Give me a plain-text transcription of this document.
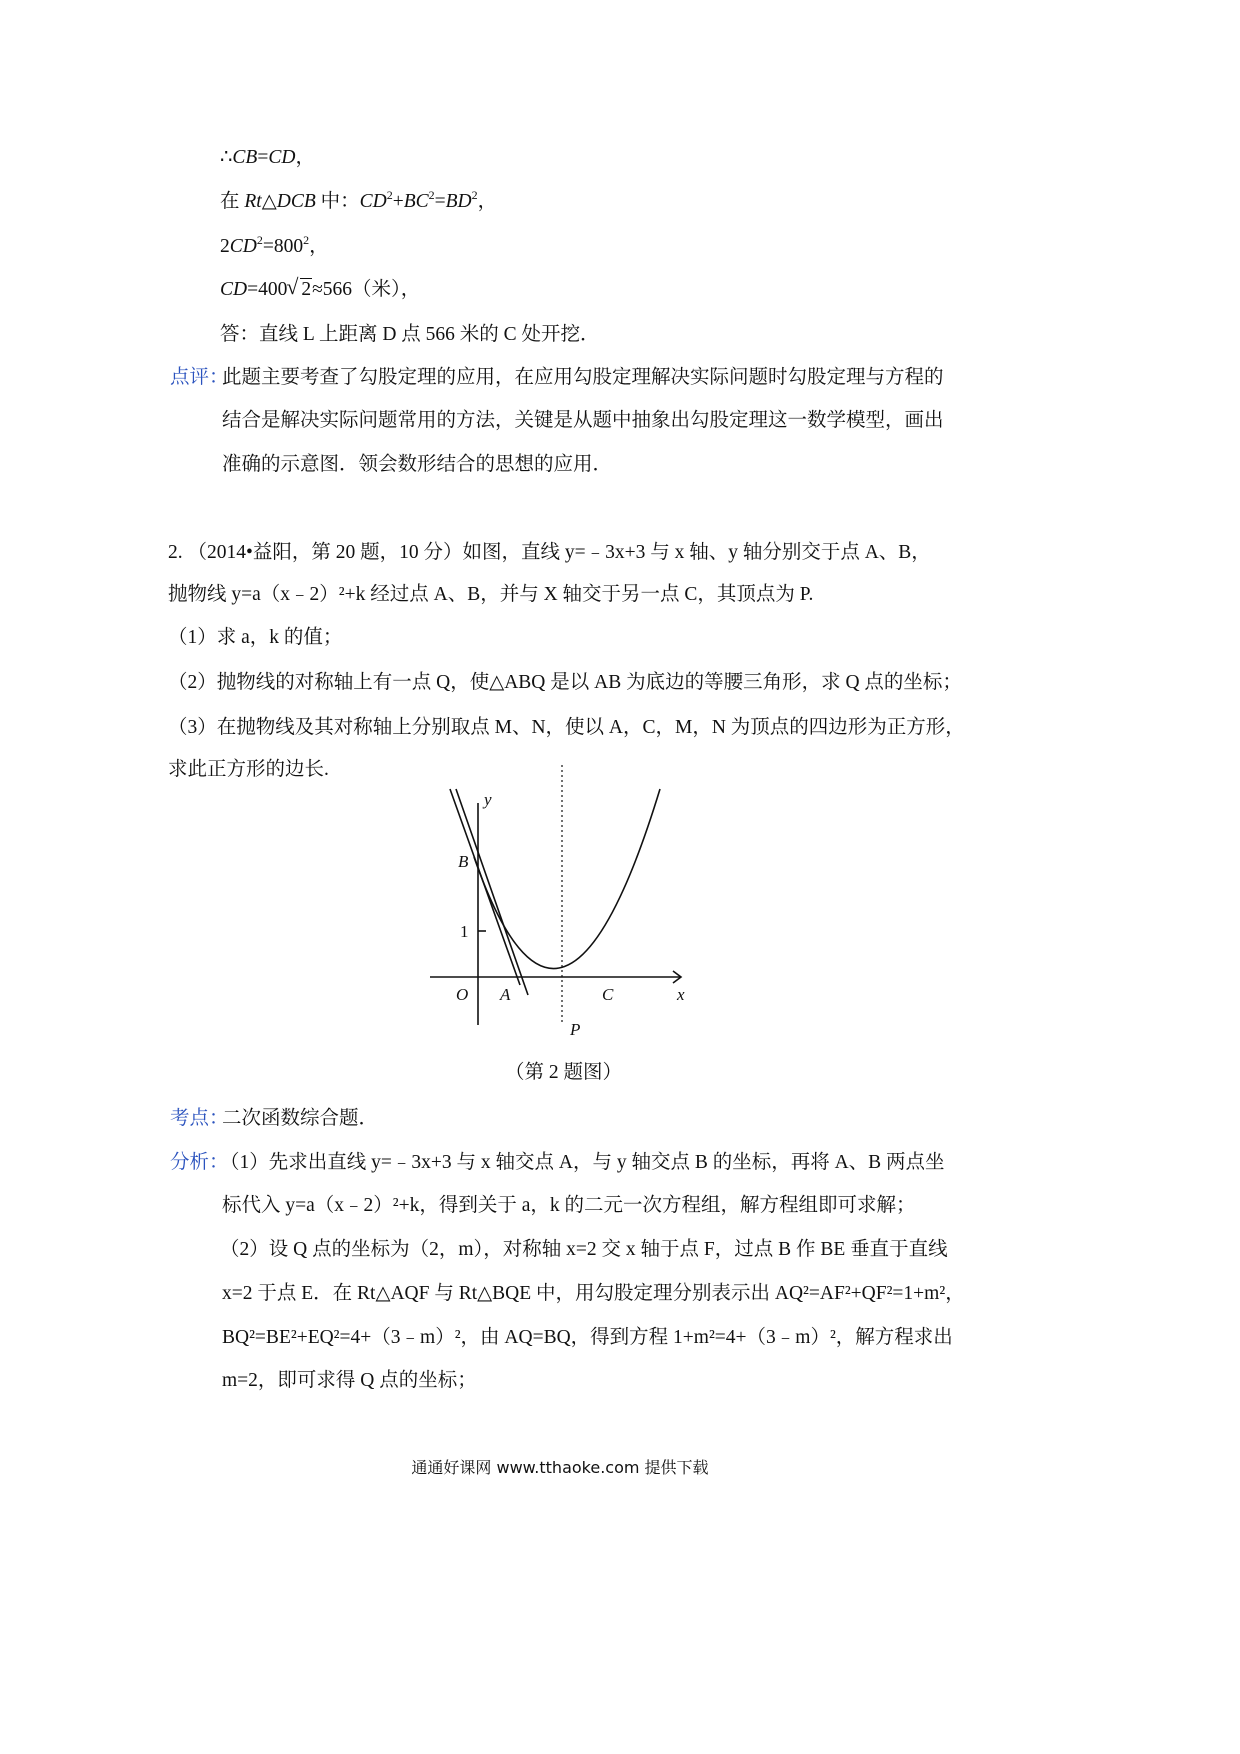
∴CB=CD，

在 Rt△DCB 中：$CD^2+BC^2=BD^2$，

$2CD^2=800^2$，

CD=400√ 2≈566（米），

答：直线 L 上距离 D 点 566 米的 C 处开挖．

点评：

此题主要考查了勾股定理的应用，在应用勾股定理解决实际问题时勾股定理与方程的

结合是解决实际问题常用的方法，关键是从题中抽象出勾股定理这一数学模型，画出

准确的示意图．领会数形结合的思想的应用．

2. （2014•益阳，第 20 题，10 分）如图，直线 y=﹣3x+3 与 x 轴、y 轴分别交于点 A、B，

抛物线 y=a（x﹣2）²+k 经过点 A、B，并与 X 轴交于另一点 C，其顶点为 P.

（1）求 a，k 的值；

（2）抛物线的对称轴上有一点 Q，使△ABQ 是以 AB 为底边的等腰三角形，求 Q 点的坐标；

（3）在抛物线及其对称轴上分别取点 M、N，使以 A，C，M，N 为顶点的四边形为正方形，

求此正方形的边长.

y
x
O A
B
C
P
1

（第 2 题图）

考点：

二次函数综合题．

分析：

（1）先求出直线 y=﹣3x+3 与 x 轴交点 A，与 y 轴交点 B 的坐标，再将 A、B 两点坐

标代入 y=a（x﹣2）²+k，得到关于 a，k 的二元一次方程组，解方程组即可求解；

（2）设 Q 点的坐标为（2，m），对称轴 x=2 交 x 轴于点 F，过点 B 作 BE 垂直于直线

x=2 于点 E．在 Rt△AQF 与 Rt△BQE 中，用勾股定理分别表示出 AQ²=AF²+QF²=1+m²，

BQ²=BE²+EQ²=4+（3﹣m）²，由 AQ=BQ，得到方程 1+m²=4+（3﹣m）²，解方程求出

m=2，即可求得 Q 点的坐标；

通通好课网 www.tthaoke.com 提供下载
